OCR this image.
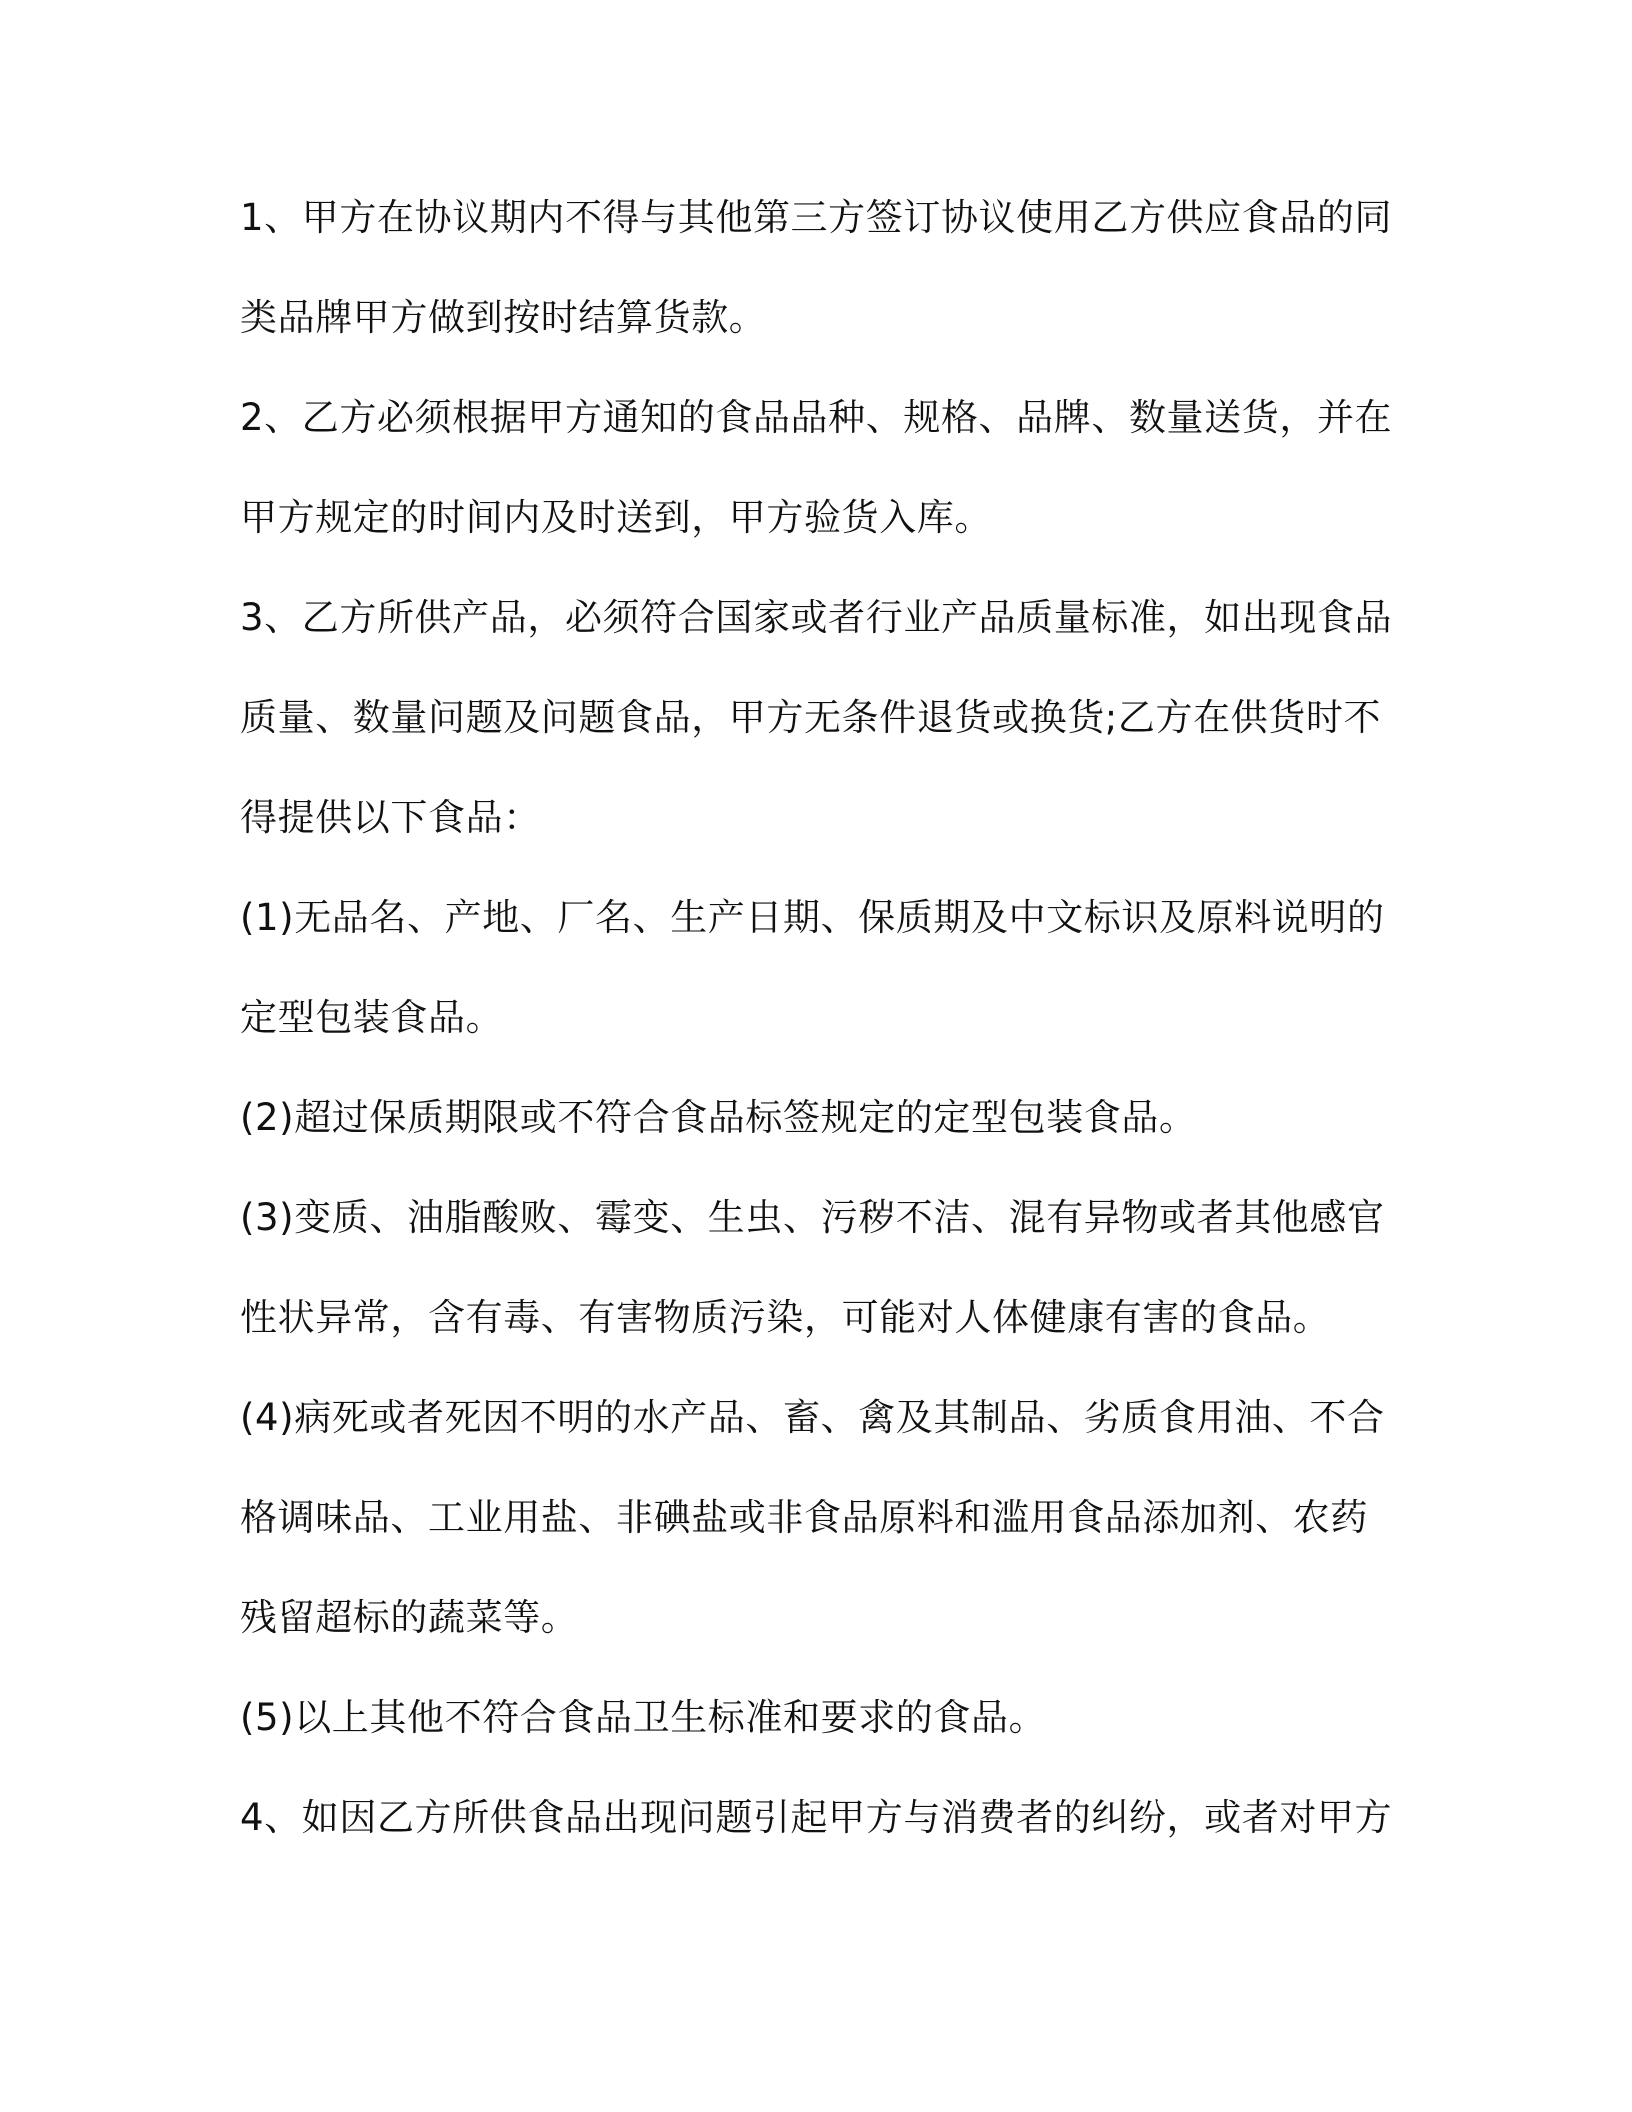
1、甲方在协议期内不得与其他第三方签订协议使用乙方供应食品的同
类品牌甲方做到按时结算货款。
2、乙方必须根据甲方通知的食品品种、规格、品牌、数量送货，并在
甲方规定的时间内及时送到，甲方验货入库。
3、乙方所供产品，必须符合国家或者行业产品质量标准，如出现食品
质量、数量问题及问题食品，甲方无条件退货或换货;乙方在供货时不
得提供以下食品：
(1)无品名、产地、厂名、生产日期、保质期及中文标识及原料说明的
定型包装食品。
(2)超过保质期限或不符合食品标签规定的定型包装食品。
(3)变质、油脂酸败、霉变、生虫、污秽不洁、混有异物或者其他感官
性状异常，含有毒、有害物质污染，可能对人体健康有害的食品。
(4)病死或者死因不明的水产品、畜、禽及其制品、劣质食用油、不合
格调味品、工业用盐、非碘盐或非食品原料和滥用食品添加剂、农药
残留超标的蔬菜等。
(5)以上其他不符合食品卫生标准和要求的食品。
4、如因乙方所供食品出现问题引起甲方与消费者的纠纷，或者对甲方
